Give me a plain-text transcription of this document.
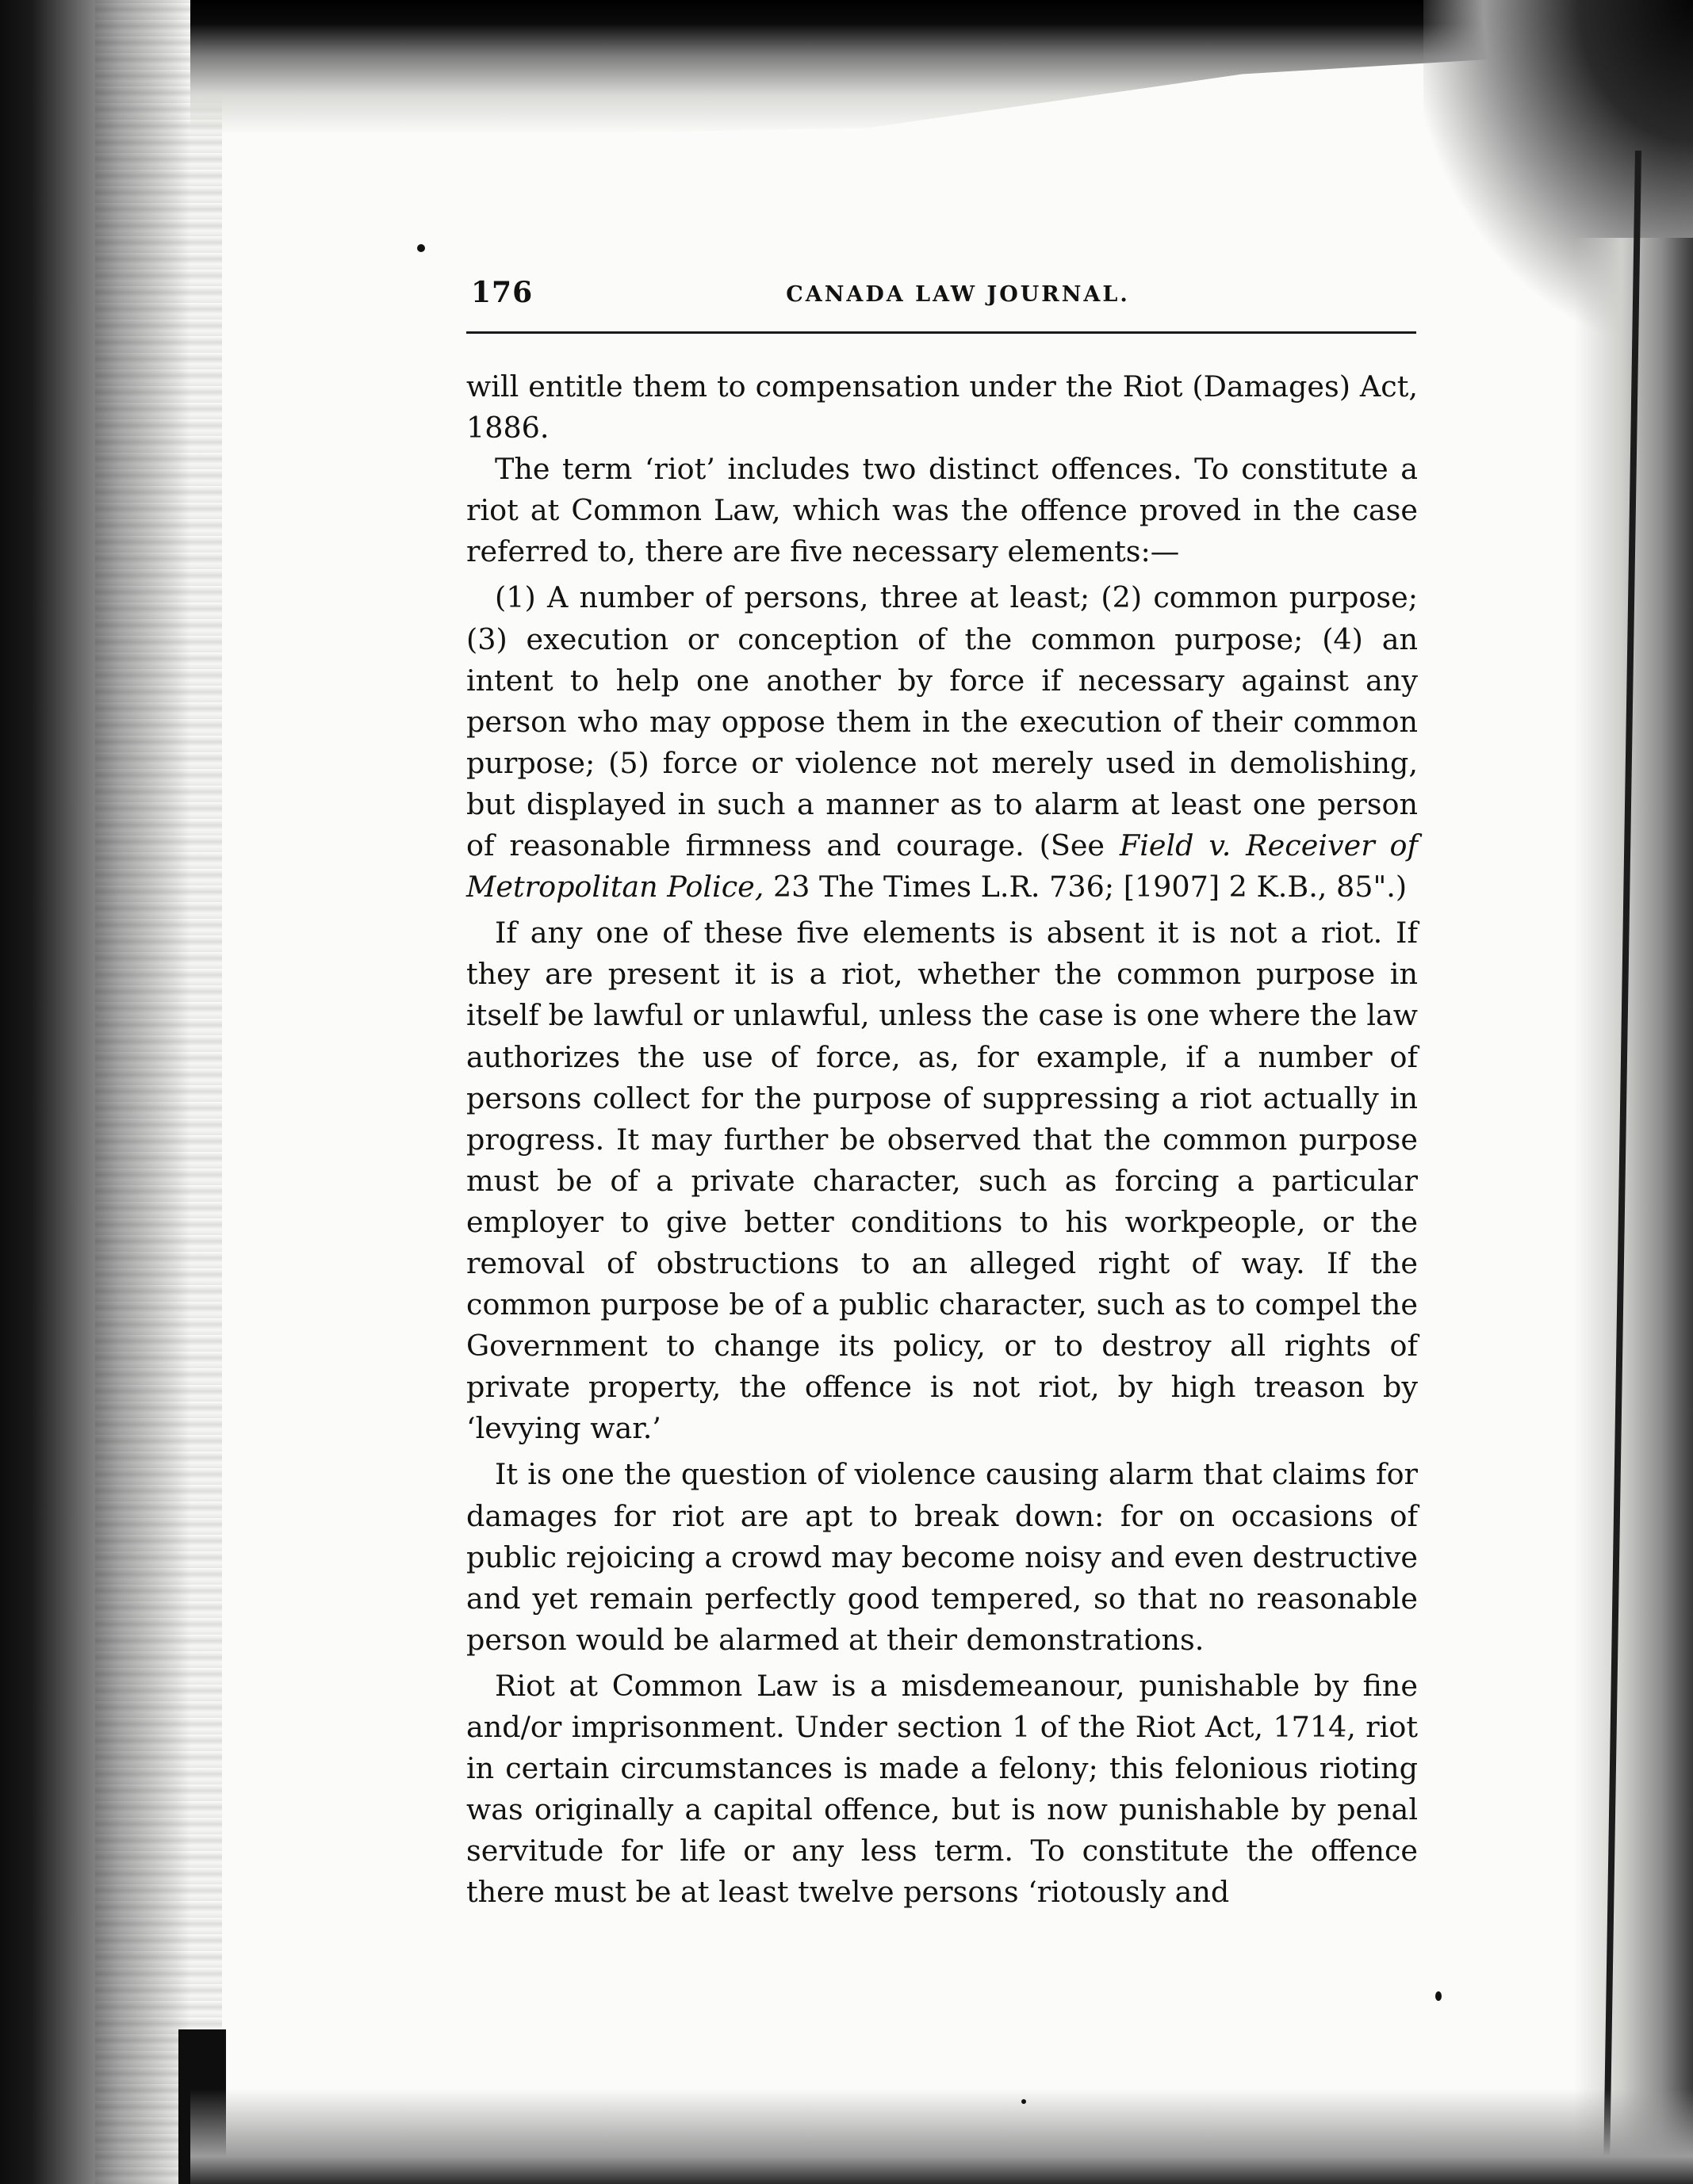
176	CANADA LAW JOURNAL.

will entitle them to compensation under the Riot (Damages) Act, 1886.

The term ‘riot’ includes two distinct offences. To constitute a riot at Common Law, which was the offence proved in the case referred to, there are five necessary elements:—

(1) A number of persons, three at least; (2) common purpose; (3) execution or conception of the common purpose; (4) an intent to help one another by force if necessary against any person who may oppose them in the execution of their common purpose; (5) force or violence not merely used in demolishing, but displayed in such a manner as to alarm at least one person of reasonable firmness and courage. (See Field v. Receiver of Metropolitan Police, 23 The Times L.R. 736; [1907] 2 K.B., 85".)

If any one of these five elements is absent it is not a riot. If they are present it is a riot, whether the common purpose in itself be lawful or unlawful, unless the case is one where the law authorizes the use of force, as, for example, if a number of persons collect for the purpose of suppressing a riot actually in progress. It may further be observed that the common purpose must be of a private character, such as forcing a particular employer to give better conditions to his workpeople, or the removal of obstructions to an alleged right of way. If the common purpose be of a public character, such as to compel the Government to change its policy, or to destroy all rights of private property, the offence is not riot, by high treason by ‘levying war.’

It is one the question of violence causing alarm that claims for damages for riot are apt to break down: for on occasions of public rejoicing a crowd may become noisy and even destructive and yet remain perfectly good tempered, so that no reasonable person would be alarmed at their demonstrations.

Riot at Common Law is a misdemeanour, punishable by fine and/or imprisonment. Under section 1 of the Riot Act, 1714, riot in certain circumstances is made a felony; this felonious rioting was originally a capital offence, but is now punishable by penal servitude for life or any less term. To constitute the offence there must be at least twelve persons ‘riotously and
